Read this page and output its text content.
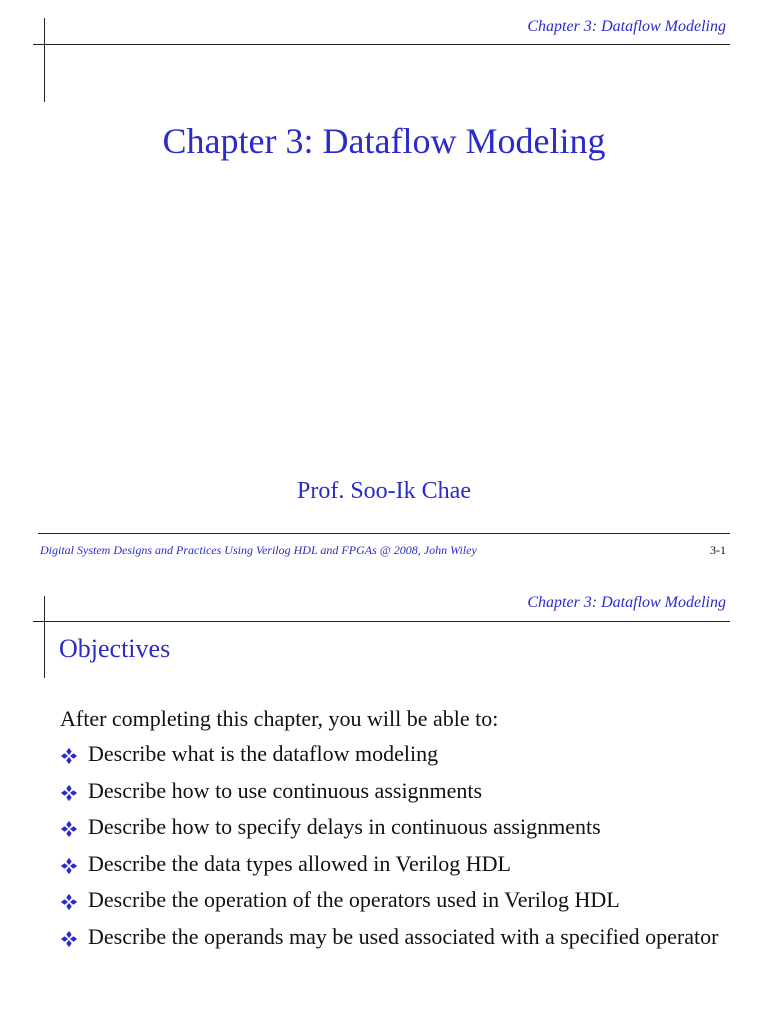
Chapter 3: Dataflow Modeling
Chapter 3: Dataflow Modeling
Prof. Soo-Ik Chae
Digital System Designs and Practices Using Verilog HDL and FPGAs @ 2008, John Wiley	3-1
Chapter 3: Dataflow Modeling
Objectives
After completing this chapter, you will be able to:
Describe what is the dataflow modeling
Describe how to use continuous assignments
Describe how to specify delays in continuous assignments
Describe the data types allowed in Verilog HDL
Describe the operation of the operators used in Verilog HDL
Describe the operands may be used associated with a specified operator
